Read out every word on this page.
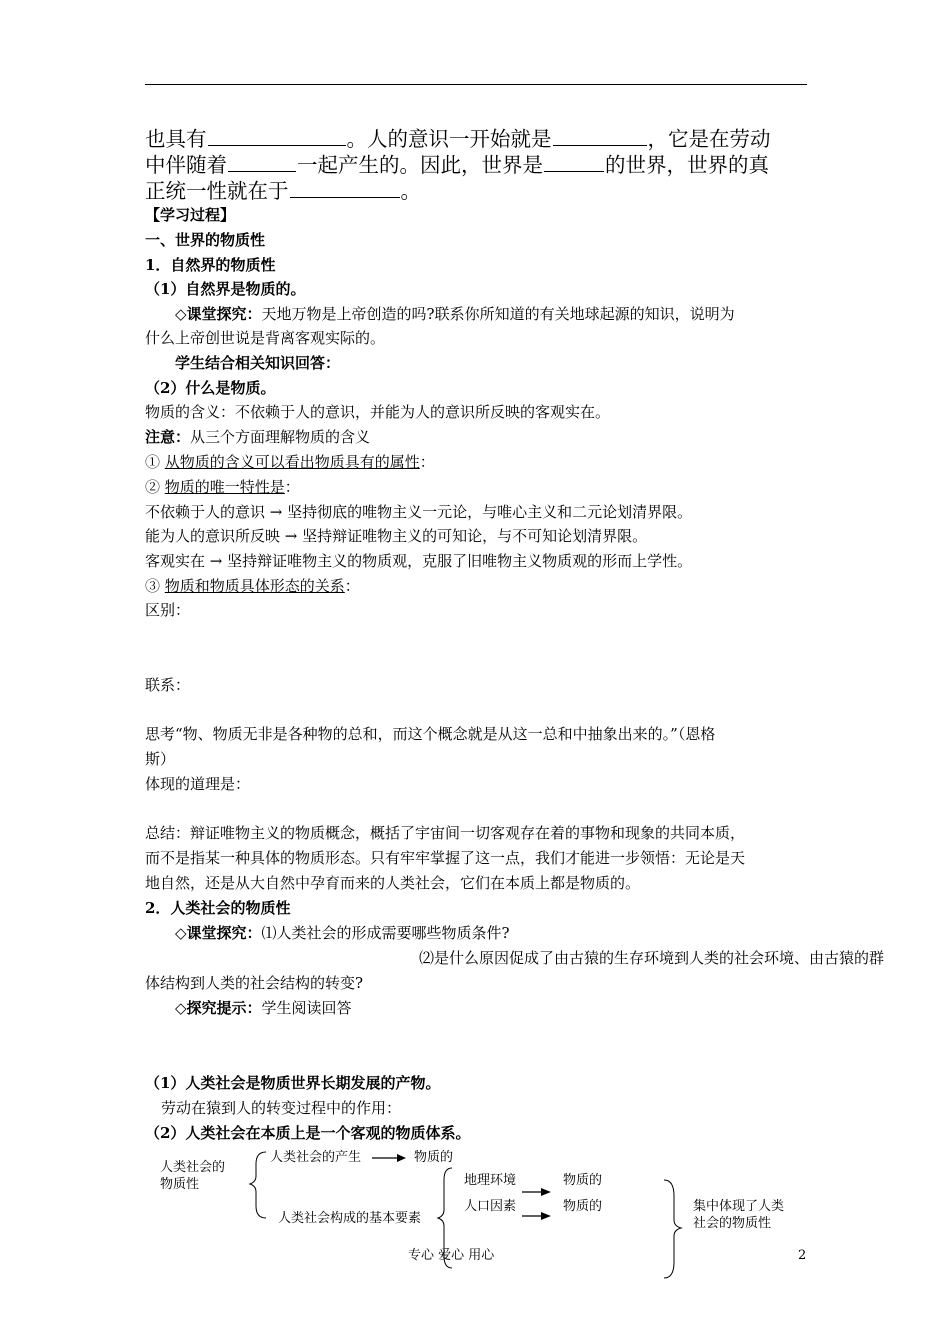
也具有	。人的意识一开始就是	，它是在劳动
中伴随着	一起产生的。因此，世界是	的世界，世界的真
正统一性就在于	。
【学习过程】
一、世界的物质性
1．自然界的物质性
（1）自然界是物质的。
◇课堂探究：天地万物是上帝创造的吗?联系你所知道的有关地球起源的知识，说明为
什么上帝创世说是背离客观实际的。
学生结合相关知识回答：
（2）什么是物质。
物质的含义：不依赖于人的意识，并能为人的意识所反映的客观实在。
注意：从三个方面理解物质的含义
① 从物质的含义可以看出物质具有的属性：
② 物质的唯一特性是：
不依赖于人的意识 → 坚持彻底的唯物主义一元论，与唯心主义和二元论划清界限。
能为人的意识所反映 → 坚持辩证唯物主义的可知论，与不可知论划清界限。
客观实在 → 坚持辩证唯物主义的物质观，克服了旧唯物主义物质观的形而上学性。
③ 物质和物质具体形态的关系：
区别：
联系：
思考“物、物质无非是各种物的总和，而这个概念就是从这一总和中抽象出来的。”（恩格
斯）
体现的道理是：
总结：辩证唯物主义的物质概念，概括了宇宙间一切客观存在着的事物和现象的共同本质，
而不是指某一种具体的物质形态。只有牢牢掌握了这一点，我们才能进一步领悟：无论是天
地自然，还是从大自然中孕育而来的人类社会，它们在本质上都是物质的。
2．人类社会的物质性
◇课堂探究：⑴人类社会的形成需要哪些物质条件?
⑵是什么原因促成了由古猿的生存环境到人类的社会环境、由古猿的群
体结构到人类的社会结构的转变?
◇探究提示：学生阅读回答
（1）人类社会是物质世界长期发展的产物。
劳动在猿到人的转变过程中的作用：
（2）人类社会在本质上是一个客观的物质体系。
人类社会的
物质性
人类社会的产生	物质的
人类社会构成的基本要素
地理环境
人口因素
物质的
物质的	集中体现了人类
社会的物质性
专心 爱心 用心	2
